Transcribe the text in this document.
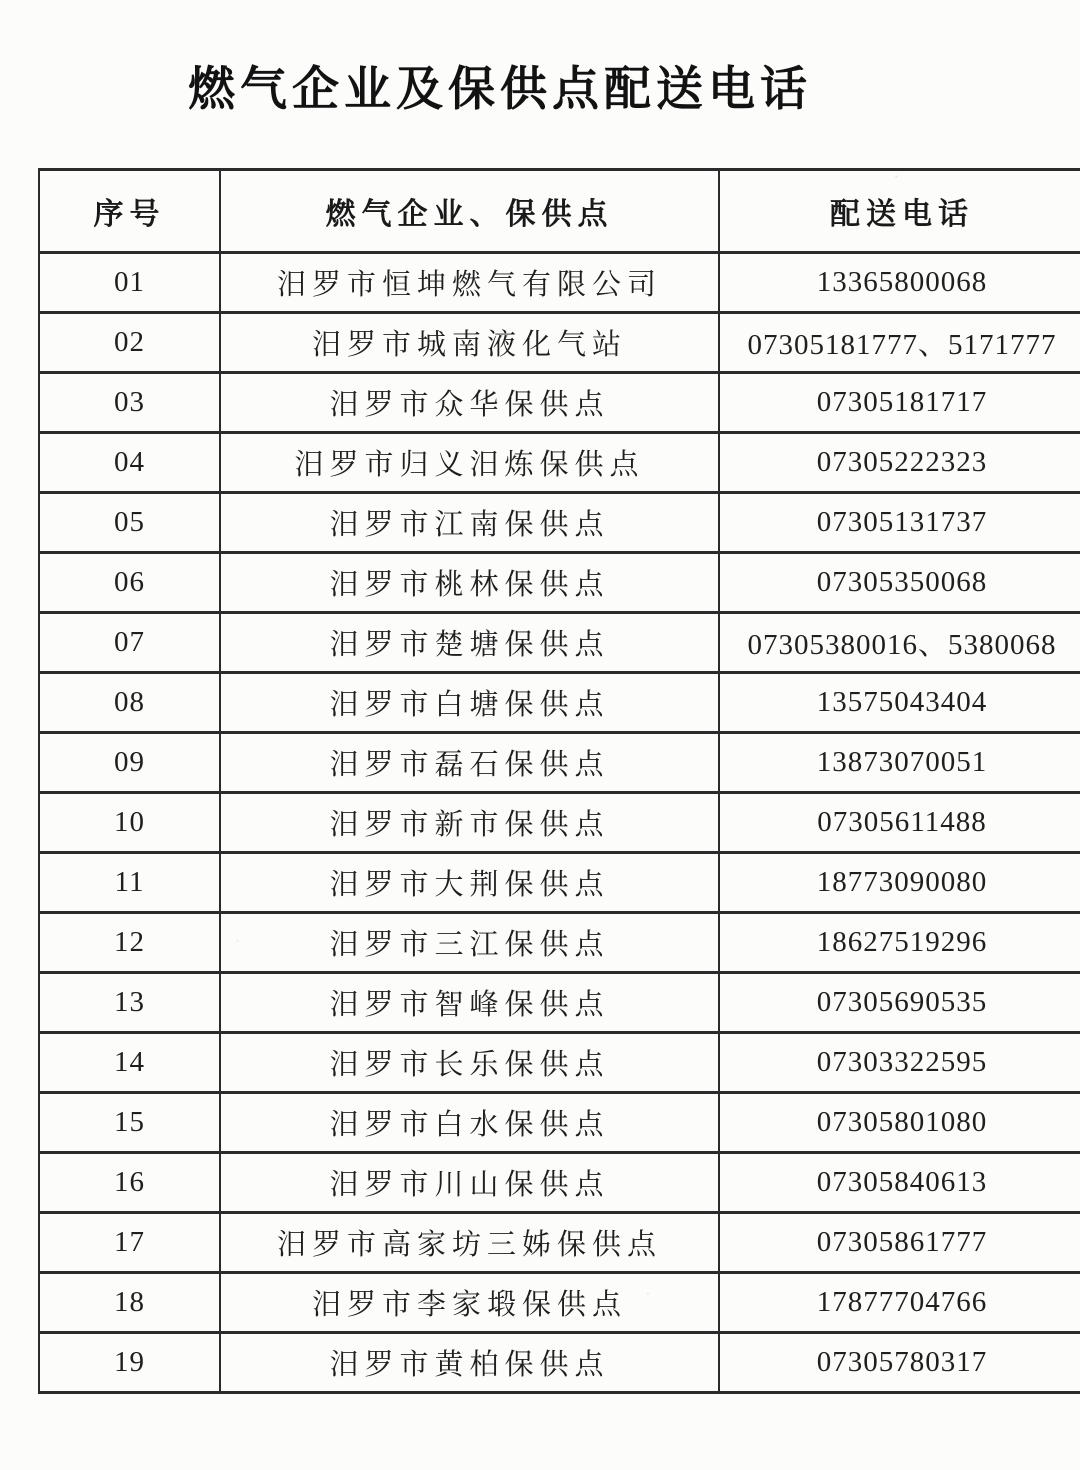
燃气企业及保供点配送电话
序号	燃气企业、保供点	配送电话
01	汨罗市恒坤燃气有限公司	13365800068
02	汨罗市城南液化气站	07305181777、5171777
03	汨罗市众华保供点	07305181717
04	汨罗市归义汨炼保供点	07305222323
05	汨罗市江南保供点	07305131737
06	汨罗市桃林保供点	07305350068
07	汨罗市楚塘保供点	07305380016、5380068
08	汨罗市白塘保供点	13575043404
09	汨罗市磊石保供点	13873070051
10	汨罗市新市保供点	07305611488
11	汨罗市大荆保供点	18773090080
12	汨罗市三江保供点	18627519296
13	汨罗市智峰保供点	07305690535
14	汨罗市长乐保供点	07303322595
15	汨罗市白水保供点	07305801080
16	汨罗市川山保供点	07305840613
17	汨罗市高家坊三姊保供点	07305861777
18	汨罗市李家塅保供点	17877704766
19	汨罗市黄柏保供点	07305780317
